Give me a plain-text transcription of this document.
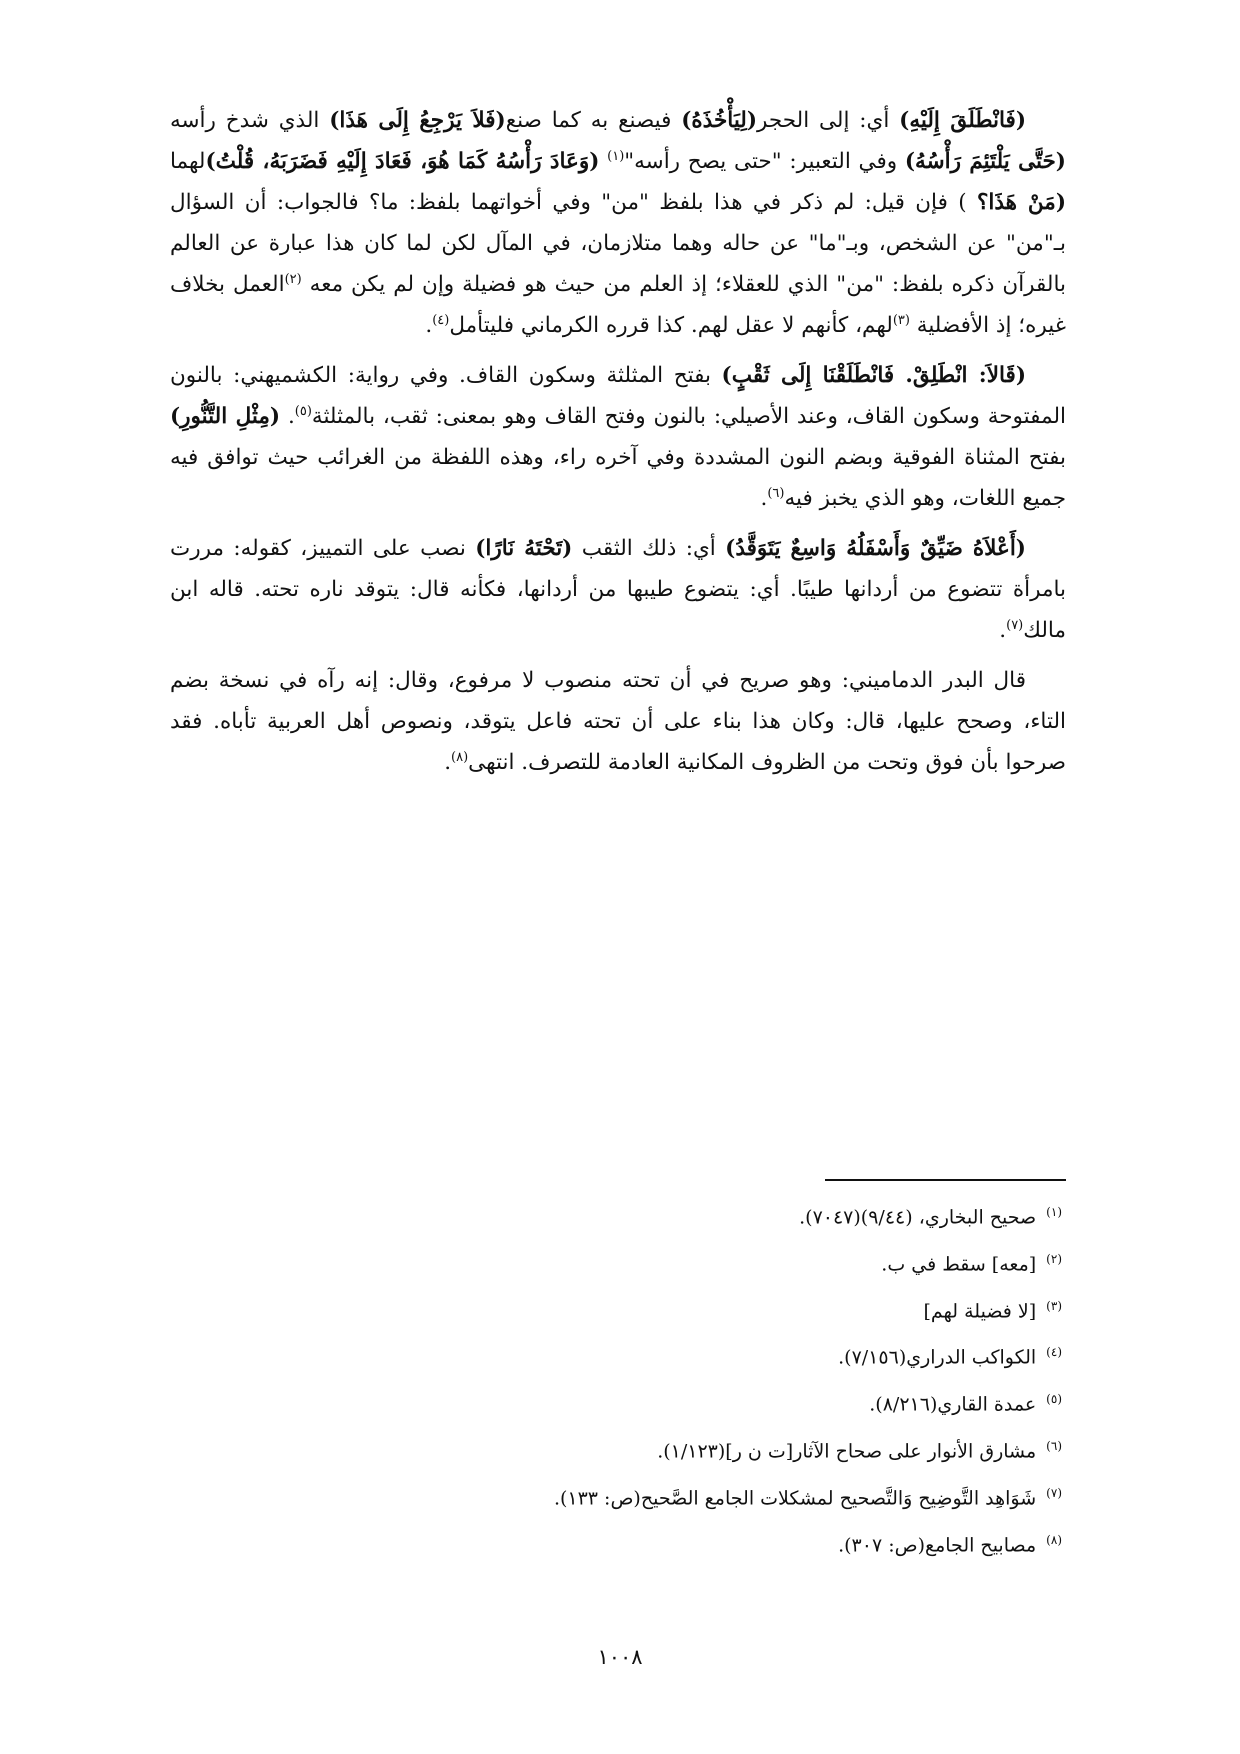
(فَانْطَلَقَ إِلَيْهِ) أي: إلى الحجر(لِيَأْخُذَهُ) فيصنع به كما صنع(فَلاَ يَرْجِعُ إِلَى هَذَا) الذي شدخ رأسه (حَتَّى يَلْتَئِمَ رَأْسُهُ) وفي التعبير: "حتى يصح رأسه"$^{(١)}$ (وَعَادَ رَأْسُهُ كَمَا هُوَ، فَعَادَ إِلَيْهِ فَضَرَبَهُ، قُلْتُ)لهما (مَنْ هَذَا؟ ) فإن قيل: لم ذكر في هذا بلفظ "من" وفي أخواتهما بلفظ: ما؟ فالجواب: أن السؤال بـ"من" عن الشخص، وبـ"ما" عن حاله وهما متلازمان، في المآل لكن لما كان هذا عبارة عن العالم بالقرآن ذكره بلفظ: "من" الذي للعقلاء؛ إذ العلم من حيث هو فضيلة وإن لم يكن معه $^{(٢)}$العمل بخلاف غيره؛ إذ الأفضلية $^{(٣)}$لهم، كأنهم لا عقل لهم. كذا قرره الكرماني فليتأمل$^{(٤)}$.

(قَالاَ: انْطَلِقْ. فَانْطَلَقْنَا إِلَى ثَقْبٍ) بفتح المثلثة وسكون القاف. وفي رواية: الكشميهني: بالنون المفتوحة وسكون القاف، وعند الأصيلي: بالنون وفتح القاف وهو بمعنى: ثقب، بالمثلثة$^{(٥)}$. (مِثْلِ التَّنُّورِ) بفتح المثناة الفوقية وبضم النون المشددة وفي آخره راء، وهذه اللفظة من الغرائب حيث توافق فيه جميع اللغات، وهو الذي يخبز فيه$^{(٦)}$.

(أَعْلاَهُ ضَيِّقٌ وَأَسْفَلُهُ وَاسِعٌ يَتَوَقَّدُ) أي: ذلك الثقب (تَحْتَهُ نَارًا) نصب على التمييز، كقوله: مررت بامرأة تتضوع من أردانها طيبًا. أي: يتضوع طيبها من أردانها، فكأنه قال: يتوقد ناره تحته. قاله ابن مالك$^{(٧)}$.

قال البدر الدماميني: وهو صريح في أن تحته منصوب لا مرفوع، وقال: إنه رآه في نسخة بضم التاء، وصحح عليها، قال: وكان هذا بناء على أن تحته فاعل يتوقد، ونصوص أهل العربية تأباه. فقد صرحوا بأن فوق وتحت من الظروف المكانية العادمة للتصرف. انتهى$^{(٨)}$.

$^{(١)}$صحيح البخاري، (٩/٤٤)(٧٠٤٧).
$^{(٢)}$[معه] سقط في ب.
$^{(٣)}$[لا فضيلة لهم]
$^{(٤)}$الكواكب الدراري(٧/١٥٦).
$^{(٥)}$عمدة القاري(٨/٢١٦).
$^{(٦)}$مشارق الأنوار على صحاح الآثار[ت ن ر](١/١٢٣).
$^{(٧)}$شَوَاهِد التَّوضِيح وَالتَّصحيح لمشكلات الجامع الصَّحيح(ص: ١٣٣).
$^{(٨)}$مصابيح الجامع(ص: ٣٠٧).
١٠٠٨
